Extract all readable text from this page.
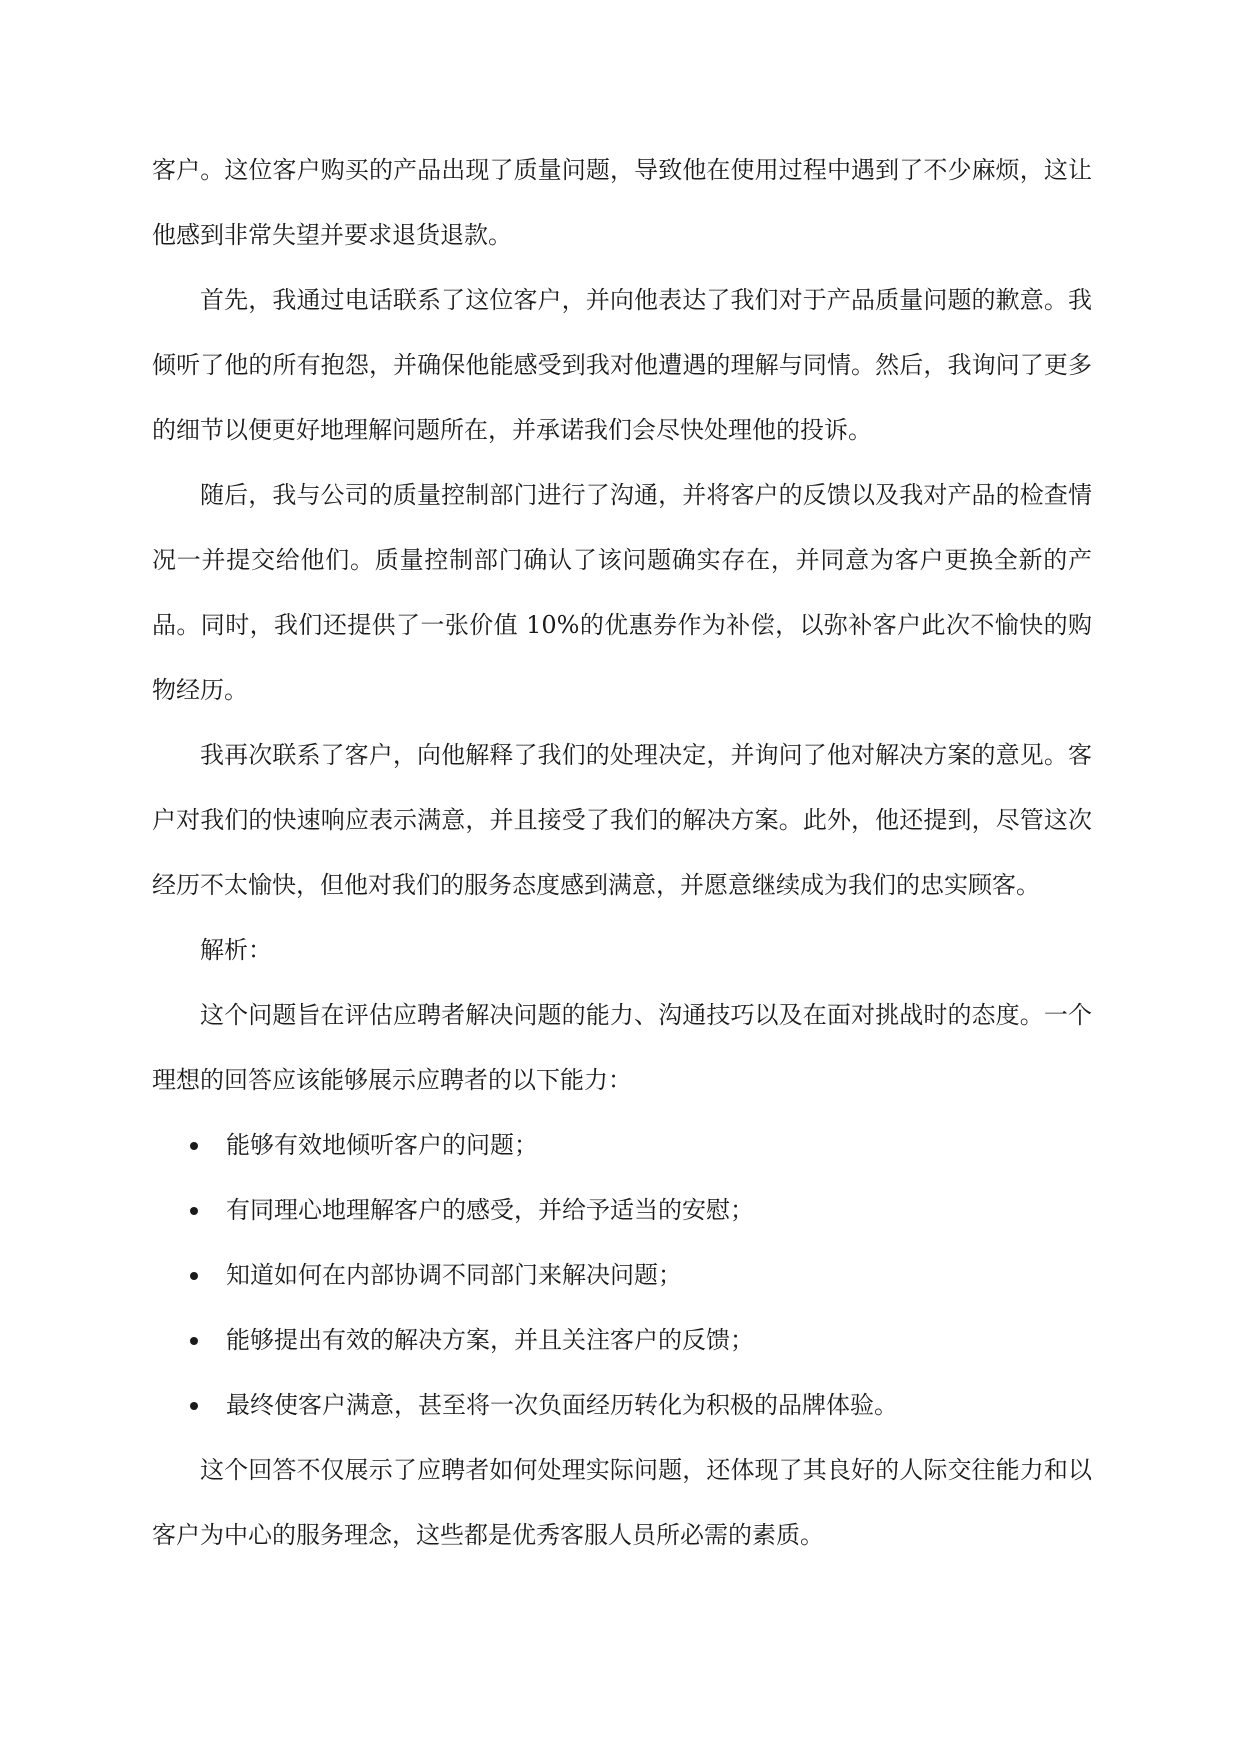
客户。这位客户购买的产品出现了质量问题，导致他在使用过程中遇到了不少麻烦，这让他感到非常失望并要求退货退款。

首先，我通过电话联系了这位客户，并向他表达了我们对于产品质量问题的歉意。我倾听了他的所有抱怨，并确保他能感受到我对他遭遇的理解与同情。然后，我询问了更多的细节以便更好地理解问题所在，并承诺我们会尽快处理他的投诉。

随后，我与公司的质量控制部门进行了沟通，并将客户的反馈以及我对产品的检查情况一并提交给他们。质量控制部门确认了该问题确实存在，并同意为客户更换全新的产品。同时，我们还提供了一张价值 10%的优惠券作为补偿，以弥补客户此次不愉快的购物经历。

我再次联系了客户，向他解释了我们的处理决定，并询问了他对解决方案的意见。客户对我们的快速响应表示满意，并且接受了我们的解决方案。此外，他还提到，尽管这次经历不太愉快，但他对我们的服务态度感到满意，并愿意继续成为我们的忠实顾客。

解析：

这个问题旨在评估应聘者解决问题的能力、沟通技巧以及在面对挑战时的态度。一个理想的回答应该能够展示应聘者的以下能力：

能够有效地倾听客户的问题；
有同理心地理解客户的感受，并给予适当的安慰；
知道如何在内部协调不同部门来解决问题；
能够提出有效的解决方案，并且关注客户的反馈；
最终使客户满意，甚至将一次负面经历转化为积极的品牌体验。

这个回答不仅展示了应聘者如何处理实际问题，还体现了其良好的人际交往能力和以客户为中心的服务理念，这些都是优秀客服人员所必需的素质。
